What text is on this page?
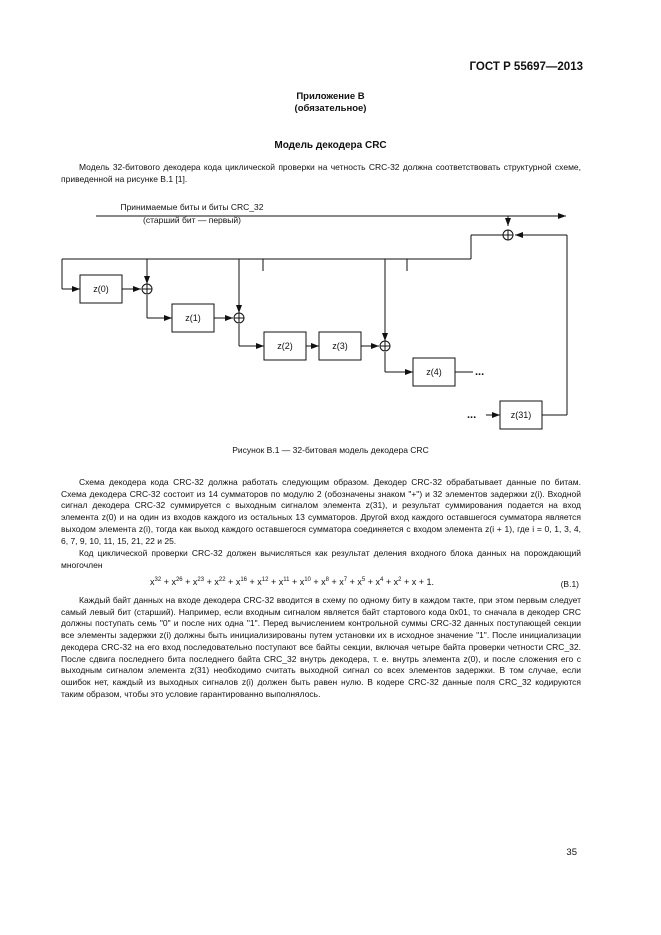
ГОСТ Р 55697—2013
Приложение В
(обязательное)
Модель декодера CRC

Модель 32-битового декодера кода циклической проверки на четность CRC-32 должна соответствовать структурной схеме, приведенной на рисунке В.1 [1].

z(0)
z(1)
z(2)	z(3)
z(4)
z(31)
Принимаемые биты и биты CRC_32
(старший бит — первый)
...
...
Рисунок В.1 — 32-битовая модель декодера CRC

Схема декодера кода CRC-32 должна работать следующим образом. Декодер CRC-32 обрабатывает данные по битам. Схема декодера CRC-32 состоит из 14 сумматоров по модулю 2 (обозначены знаком "+") и 32 элементов задержки z(i). Входной сигнал декодера CRC-32 суммируется с выходным сигналом элемента z(31), и результат суммирования подается на вход элемента z(0) и на один из входов каждого из остальных 13 сумматоров. Другой вход каждого оставшегося сумматора является выходом элемента z(i), тогда как выход каждого оставшегося сумматора соединяется с входом элемента z(i + 1), где i = 0, 1, 3, 4, 6, 7, 9, 10, 11, 15, 21, 22 и 25.

Код циклической проверки CRC-32 должен вычисляться как результат деления входного блока данных на порождающий многочлен

$x^{32} + x^{26} + x^{23} + x^{22} + x^{16} + x^{12} + x^{11} + x^{10} + x^8 + x^7 + x^5 + x^4 + x^2 + x + 1$.	(В.1)

Каждый байт данных на входе декодера CRC-32 вводится в схему по одному биту в каждом такте, при этом первым следует самый левый бит (старший). Например, если входным сигналом является байт стартового кода 0x01, то сначала в декодер CRC должны поступать семь "0" и после них одна "1". Перед вычислением контрольной суммы CRC-32 данных поступающей секции все элементы задержки z(i) должны быть инициализированы путем установки их в исходное значение "1". После инициализации декодера CRC-32 на его вход последовательно поступают все байты секции, включая четыре байта проверки четности CRC_32. После сдвига последнего бита последнего байта CRC_32 внутрь декодера, т. е. внутрь элемента z(0), и после сложения его с выходным сигналом элемента z(31) необходимо считать выходной сигнал со всех элементов задержки. В том случае, если ошибок нет, каждый из выходных сигналов z(i) должен быть равен нулю. В кодере CRC-32 данные поля CRC_32 кодируются таким образом, чтобы это условие гарантированно выполнялось.

35
